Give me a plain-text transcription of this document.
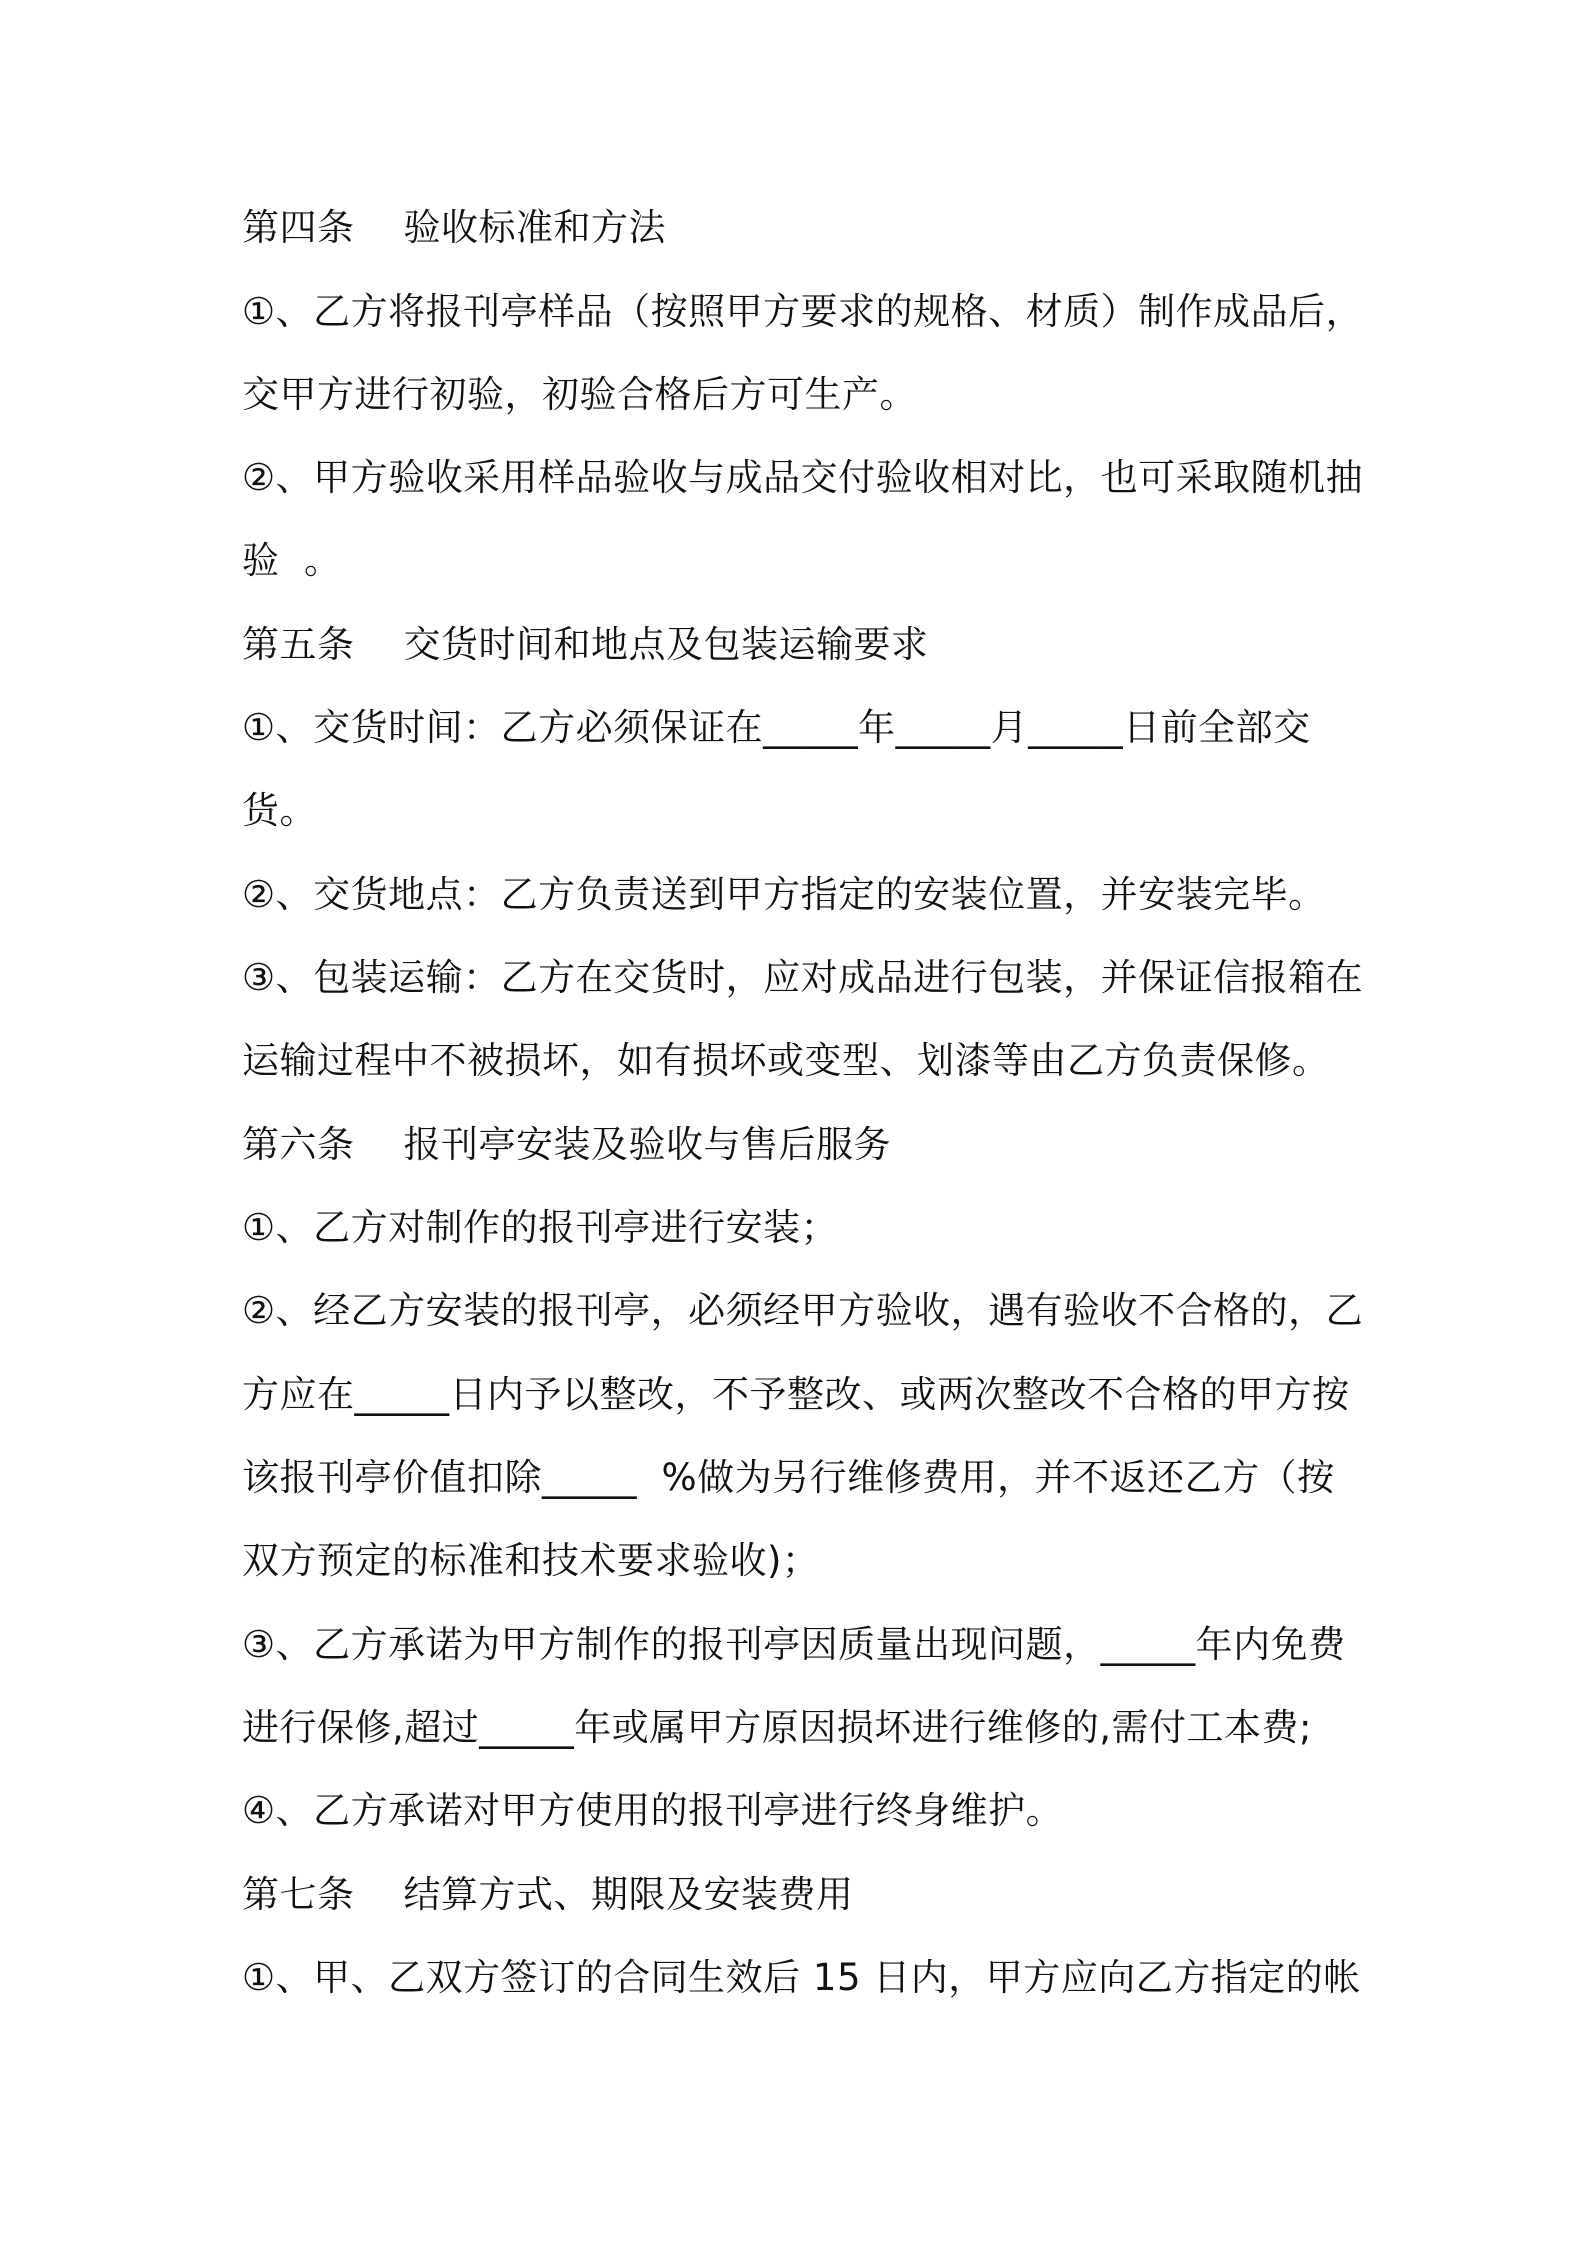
第四条    验收标准和方法
①、乙方将报刊亭样品（按照甲方要求的规格、材质）制作成品后，
交甲方进行初验，初验合格后方可生产。
②、甲方验收采用样品验收与成品交付验收相对比，也可采取随机抽
验  。
第五条    交货时间和地点及包装运输要求
①、交货时间：乙方必须保证在_____年_____月_____日前全部交
货。
②、交货地点：乙方负责送到甲方指定的安装位置，并安装完毕。
③、包装运输：乙方在交货时，应对成品进行包装，并保证信报箱在
运输过程中不被损坏，如有损坏或变型、划漆等由乙方负责保修。
第六条    报刊亭安装及验收与售后服务
①、乙方对制作的报刊亭进行安装；
②、经乙方安装的报刊亭，必须经甲方验收，遇有验收不合格的，乙
方应在_____日内予以整改，不予整改、或两次整改不合格的甲方按
该报刊亭价值扣除_____  %做为另行维修费用，并不返还乙方（按
双方预定的标准和技术要求验收)；
③、乙方承诺为甲方制作的报刊亭因质量出现问题，_____年内免费
进行保修,超过_____年或属甲方原因损坏进行维修的,需付工本费;
④、乙方承诺对甲方使用的报刊亭进行终身维护。
第七条    结算方式、期限及安装费用
①、甲、乙双方签订的合同生效后 15 日内，甲方应向乙方指定的帐
